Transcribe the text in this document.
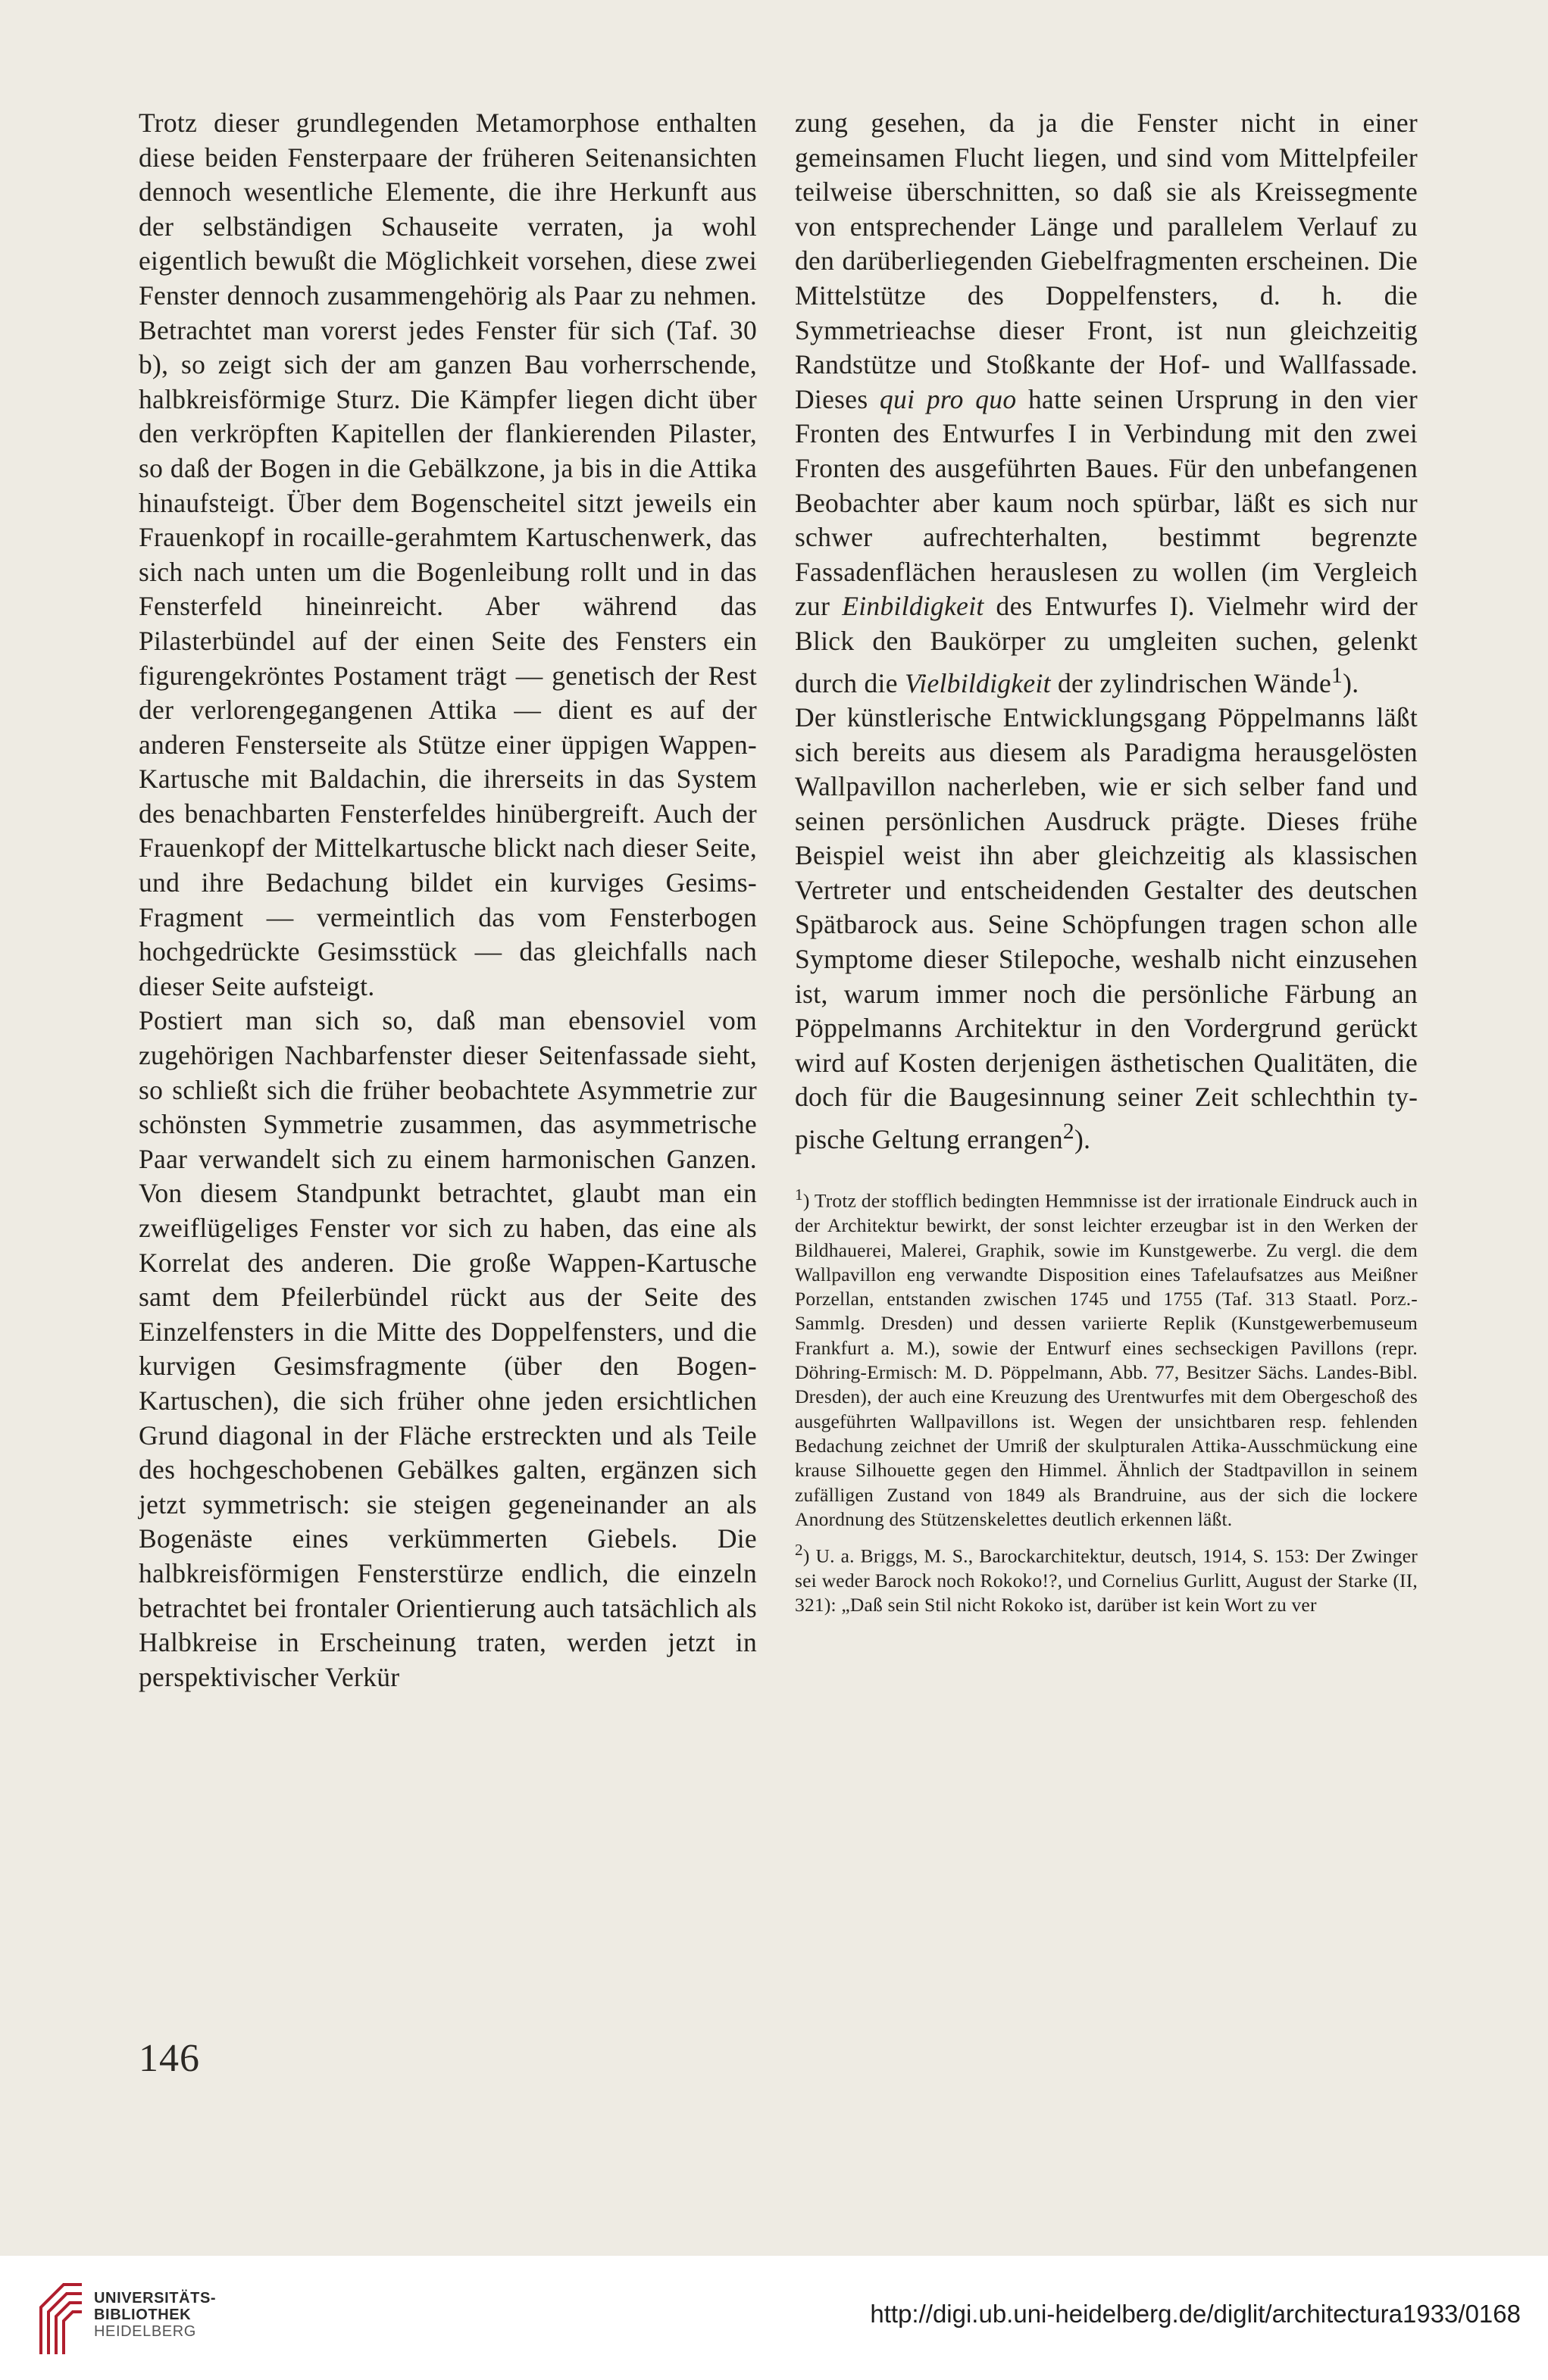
Trotz dieser grundlegenden Metamorphose enthalten diese beiden Fensterpaare der früheren Seitenansichten dennoch wesentliche Elemente, die ihre Herkunft aus der selbständigen Schauseite verraten, ja wohl eigentlich bewußt die Möglichkeit vorsehen, diese zwei Fenster dennoch zusammengehörig als Paar zu nehmen. Betrachtet man vorerst jedes Fenster für sich (Taf. 30 b), so zeigt sich der am ganzen Bau vorherrschende, halbkreisförmige Sturz. Die Kämpfer liegen dicht über den verkröpften Kapitellen der flankierenden Pilaster, so daß der Bogen in die Gebälkzone, ja bis in die Attika hinaufsteigt. Über dem Bogenscheitel sitzt jeweils ein Frauenkopf in rocaille-gerahmtem Kartuschenwerk, das sich nach unten um die Bogenleibung rollt und in das Fensterfeld hineinreicht. Aber während das Pilasterbündel auf der einen Seite des Fensters ein figurengekröntes Postament trägt — genetisch der Rest der verlorengegangenen Attika — dient es auf der anderen Fensterseite als Stütze einer üppigen Wappen-Kartusche mit Baldachin, die ihrerseits in das System des benachbarten Fensterfeldes hinübergreift. Auch der Frauenkopf der Mittelkartusche blickt nach dieser Seite, und ihre Bedachung bildet ein kurviges Gesims-Fragment — vermeintlich das vom Fensterbogen hochgedrückte Gesimsstück — das gleichfalls nach dieser Seite aufsteigt.

Postiert man sich so, daß man ebensoviel vom zugehörigen Nachbarfenster dieser Seitenfassade sieht, so schließt sich die früher beobachtete Asymmetrie zur schönsten Symmetrie zusammen, das asymmetrische Paar verwandelt sich zu einem harmonischen Ganzen. Von diesem Standpunkt betrachtet, glaubt man ein zweiflügeliges Fenster vor sich zu haben, das eine als Korrelat des anderen. Die große Wappen-Kartusche samt dem Pfeilerbündel rückt aus der Seite des Einzelfensters in die Mitte des Doppelfensters, und die kurvigen Gesimsfragmente (über den Bogen-Kartuschen), die sich früher ohne jeden ersichtlichen Grund diagonal in der Fläche erstreckten und als Teile des hochgeschobenen Gebälkes galten, ergänzen sich jetzt symmetrisch: sie steigen gegeneinander an als Bogenäste eines verkümmerten Giebels. Die halbkreisförmigen Fensterstürze endlich, die einzeln betrachtet bei frontaler Orientierung auch tatsächlich als Halbkreise in Erscheinung traten, werden jetzt in perspektivischer Verkür

zung gesehen, da ja die Fenster nicht in einer gemeinsamen Flucht liegen, und sind vom Mittelpfeiler teilweise überschnitten, so daß sie als Kreissegmente von entsprechender Länge und parallelem Verlauf zu den darüberliegenden Giebelfragmenten erscheinen. Die Mittelstütze des Doppelfensters, d. h. die Symmetrieachse dieser Front, ist nun gleichzeitig Randstütze und Stoßkante der Hof- und Wallfassade. Dieses qui pro quo hatte seinen Ursprung in den vier Fronten des Entwurfes I in Verbindung mit den zwei Fronten des ausgeführten Baues. Für den unbefangenen Beobachter aber kaum noch spürbar, läßt es sich nur schwer aufrechterhalten, bestimmt begrenzte Fassadenflächen herauslesen zu wollen (im Vergleich zur Einbildigkeit des Entwurfes I). Vielmehr wird der Blick den Baukörper zu umgleiten suchen, gelenkt durch die Vielbildigkeit der zylindrischen Wände$^1$).

Der künstlerische Entwicklungsgang Pöppelmanns läßt sich bereits aus diesem als Paradigma herausgelösten Wallpavillon nacherleben, wie er sich selber fand und seinen persönlichen Ausdruck prägte. Dieses frühe Beispiel weist ihn aber gleichzeitig als klassischen Vertreter und entscheidenden Gestalter des deutschen Spätbarock aus. Seine Schöpfungen tragen schon alle Symptome dieser Stilepoche, weshalb nicht einzusehen ist, warum immer noch die persönliche Färbung an Pöppelmanns Architektur in den Vordergrund gerückt wird auf Kosten derjenigen ästhetischen Qualitäten, die doch für die Baugesinnung seiner Zeit schlechthin typische Geltung errangen$^2$).

$^1$) Trotz der stofflich bedingten Hemmnisse ist der irrationale Eindruck auch in der Architektur bewirkt, der sonst leichter erzeugbar ist in den Werken der Bildhauerei, Malerei, Graphik, sowie im Kunstgewerbe. Zu vergl. die dem Wallpavillon eng verwandte Disposition eines Tafelaufsatzes aus Meißner Porzellan, entstanden zwischen 1745 und 1755 (Taf. 313 Staatl. Porz.-Sammlg. Dresden) und dessen variierte Replik (Kunstgewerbemuseum Frankfurt a. M.), sowie der Entwurf eines sechseckigen Pavillons (repr. Döhring-Ermisch: M. D. Pöppelmann, Abb. 77, Besitzer Sächs. Landes-Bibl. Dresden), der auch eine Kreuzung des Urentwurfes mit dem Obergeschoß des ausgeführten Wallpavillons ist. Wegen der unsichtbaren resp. fehlenden Bedachung zeichnet der Umriß der skulpturalen Attika-Ausschmückung eine krause Silhouette gegen den Himmel. Ähnlich der Stadtpavillon in seinem zufälligen Zustand von 1849 als Brandruine, aus der sich die lockere Anordnung des Stützenskelettes deutlich erkennen läßt.

$^2$) U. a. Briggs, M. S., Barockarchitektur, deutsch, 1914, S. 153: Der Zwinger sei weder Barock noch Rokoko!?, und Cornelius Gurlitt, August der Starke (II, 321): „Daß sein Stil nicht Rokoko ist, darüber ist kein Wort zu ver

146
UNIVERSITÄTS-
BIBLIOTHEK
HEIDELBERG
http://digi.ub.uni-heidelberg.de/diglit/architectura1933/0168
